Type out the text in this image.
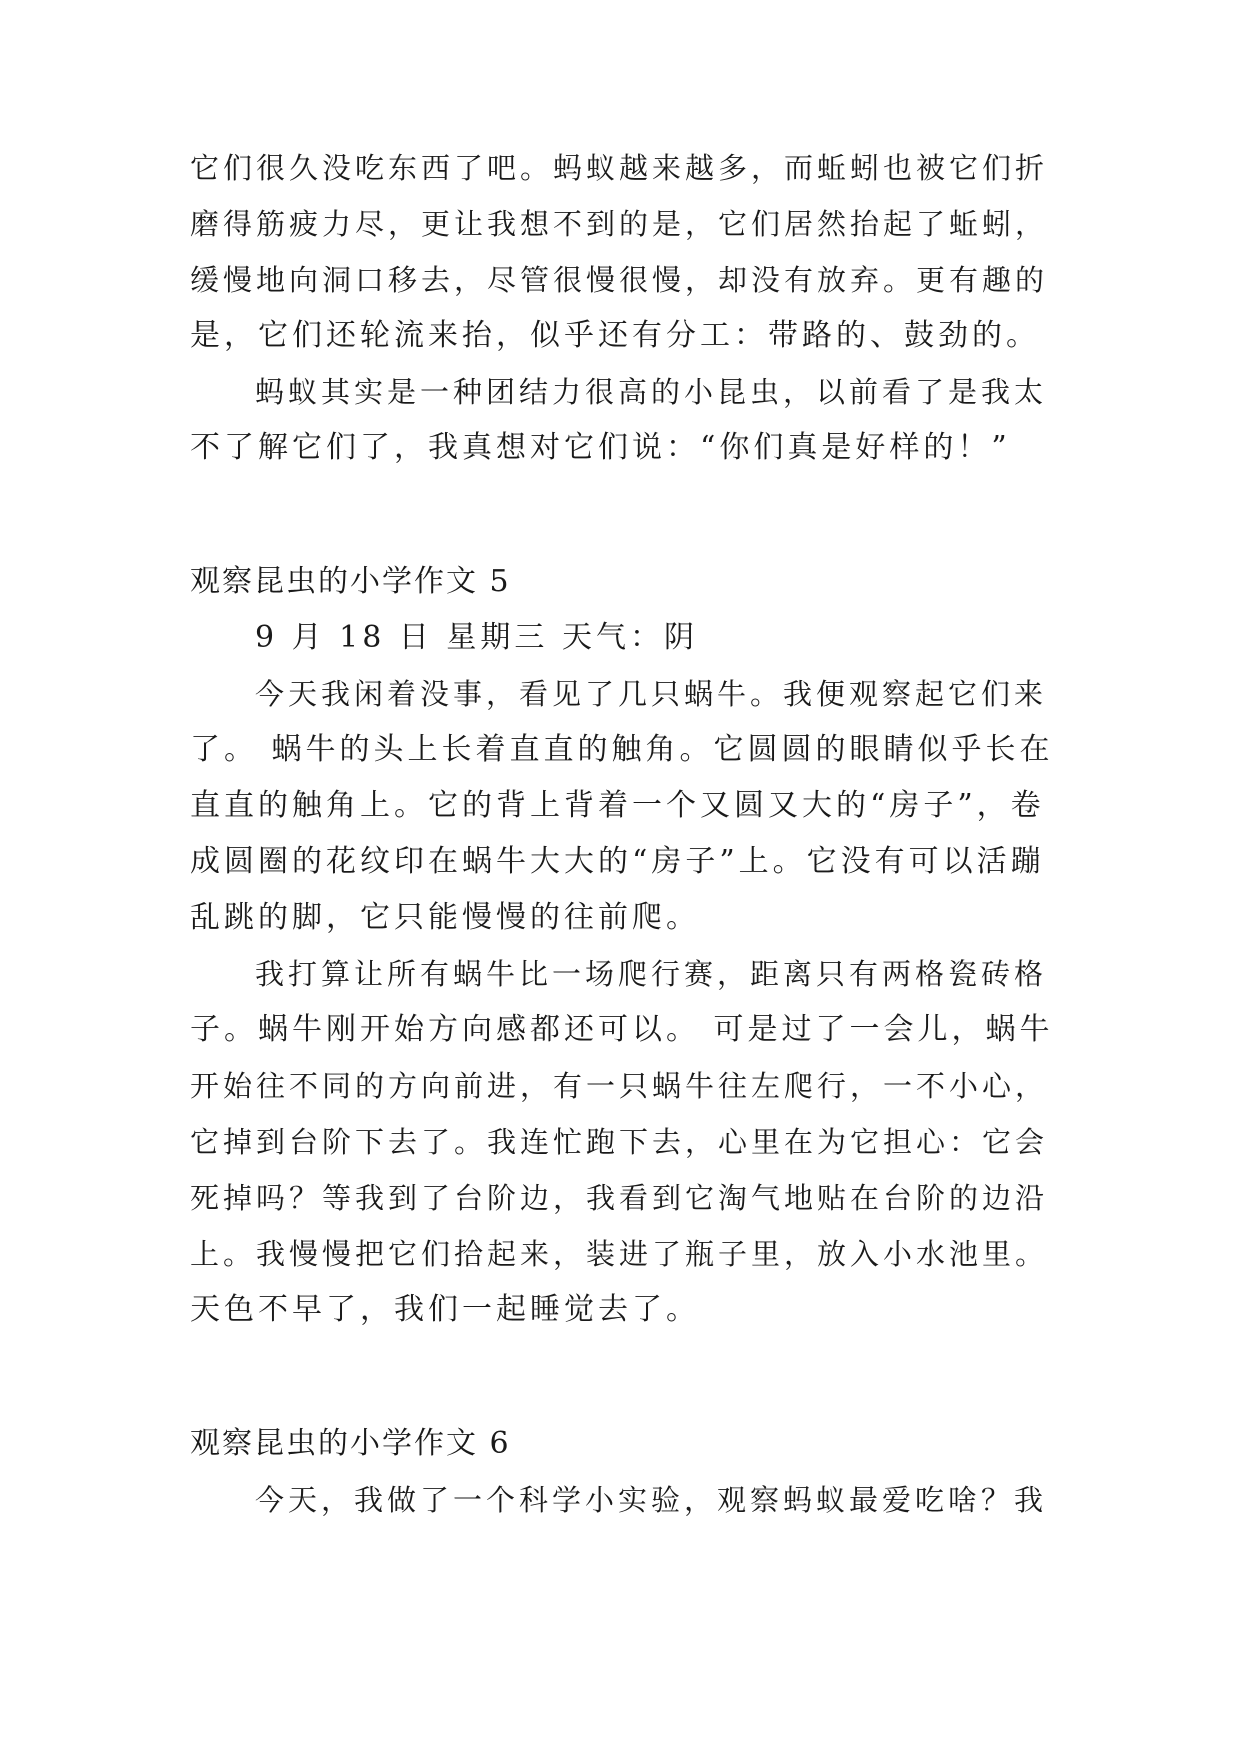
它们很久没吃东西了吧。蚂蚁越来越多，而蚯蚓也被它们折
磨得筋疲力尽，更让我想不到的是，它们居然抬起了蚯蚓，
缓慢地向洞口移去，尽管很慢很慢，却没有放弃。更有趣的
是，它们还轮流来抬，似乎还有分工：带路的、鼓劲的。
蚂蚁其实是一种团结力很高的小昆虫，以前看了是我太
不了解它们了，我真想对它们说：“你们真是好样的！”
观察昆虫的小学作文 5
9 月 18 日 星期三 天气：阴
今天我闲着没事，看见了几只蜗牛。我便观察起它们来
了。 蜗牛的头上长着直直的触角。它圆圆的眼睛似乎长在
直直的触角上。它的背上背着一个又圆又大的“房子”，卷
成圆圈的花纹印在蜗牛大大的“房子”上。它没有可以活蹦
乱跳的脚，它只能慢慢的往前爬。
我打算让所有蜗牛比一场爬行赛，距离只有两格瓷砖格
子。蜗牛刚开始方向感都还可以。 可是过了一会儿，蜗牛
开始往不同的方向前进，有一只蜗牛往左爬行，一不小心，
它掉到台阶下去了。我连忙跑下去，心里在为它担心：它会
死掉吗？等我到了台阶边，我看到它淘气地贴在台阶的边沿
上。我慢慢把它们拾起来，装进了瓶子里，放入小水池里。
天色不早了，我们一起睡觉去了。
观察昆虫的小学作文 6
今天，我做了一个科学小实验，观察蚂蚁最爱吃啥？我
